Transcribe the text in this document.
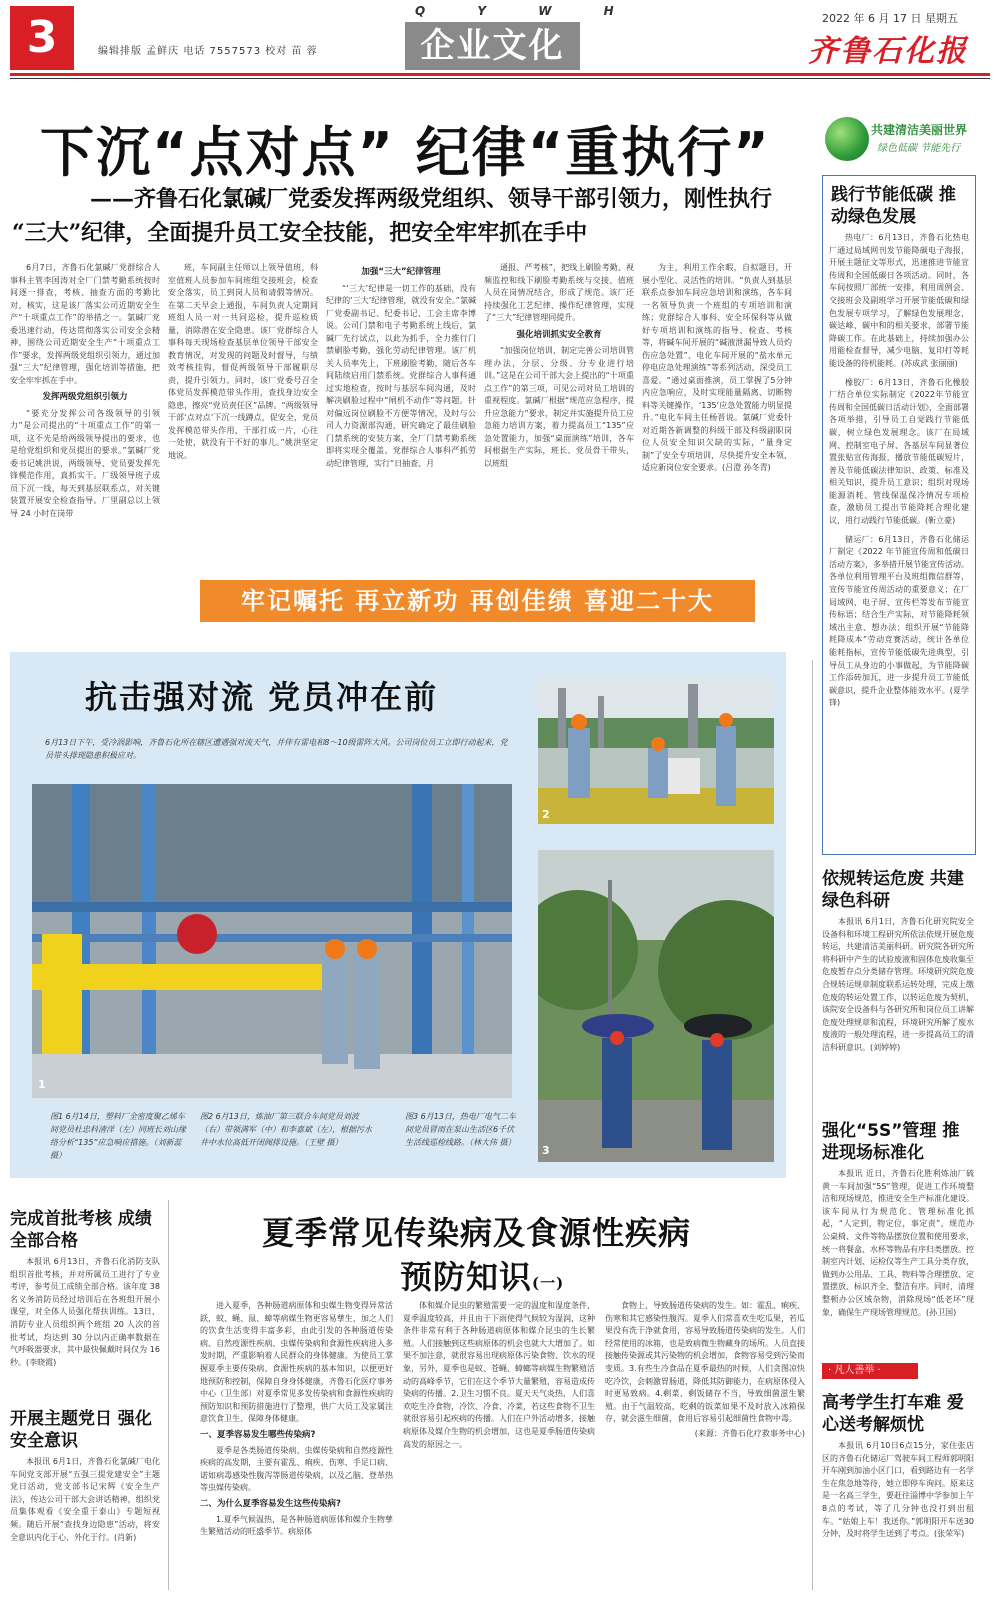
3	编辑排版 孟鲜庆 电话 7557573 校对 苗 蓉
Q Y W H
企业文化
2022 年 6 月 17 日 星期五
齐鲁石化报
下沉“点对点” 纪律“重执行”
——齐鲁石化氯碱厂党委发挥两级党组织、领导干部引领力，刚性执行
“三大”纪律，全面提升员工安全技能，把安全牢牢抓在手中

6月7日，齐鲁石化氯碱厂党群综合人事科主管李国涛对全厂门禁考勤系统按时间逐一排查，考核、抽查方面的考勤比对、核实，这是该厂落实公司近期安全生产“十项重点工作”的举措之一。氯碱厂党委迅速行动，传达贯彻落实公司安全会精神，围绕公司近期安全生产“十项重点工作”要求，发挥两级党组织引领力，通过加强“三大”纪律管理，强化培训等措施，把安全牢牢抓在手中。

发挥两级党组织引领力

“要充分发挥公司各级领导的引领力”是公司提出的“十项重点工作”的第一项，这不光是给两级领导提出的要求，也是给党组织和党员提出的要求。”氯碱厂党委书记姚洪说，两级领导、党员要发挥先锋模范作用，真抓实干。厂级领导班子成员下沉一线，每天到基层联系点，对关键装置开展安全检查指导。厂里副总以上领导 24 小时在岗带

班，车间副主任师以上领导值班，科室值班人员参加车间班组交接班会，检查安全落实，员工到岗人员和请假等情况。在第二天早会上通报，车间负责人定期间班组人员一对一共同巡检，提升巡检质量，消除潜在安全隐患。该厂党群综合人事科每天现场检查基层单位领导干部安全教育情况，对发现的问题及时督导，与绩效考核挂钩，督促两级领导干部履职尽责，提升引领力。同时，该厂党委号召全体党员发挥模范带头作用，查找身边安全隐患，擦亮“党员责任区”品牌。“两级领导干部‘点对点’下沉一线蹲点，促安全，党员发挥模范带头作用，干部打成一片，心往一处使，就没有干不好的事儿。”姚洪坚定地说。

加强“三大”纪律管理

“‘三大’纪律是一切工作的基础，没有纪律的‘三大’纪律管理，就没有安全。”氯碱厂党委副书记、纪委书记、工会主席李博说。公司门禁和电子考勤系统上线后，氯碱厂先行试点，以此为抓手，全力推行门禁刷脸考勤，强化劳动纪律管理。该厂机关人员率先上，下班刷脸考勤，随后各车间陆续启用门禁系统。党群综合人事科通过实地检查，按时与基层车间沟通，及时解决刷脸过程中“闸机不动作”等问题。针对偏远岗位刷脸不方便等情况，及时与公司人力资源部沟通，研究确定了最佳刷脸门禁系统的安装方案，全厂门禁考勤系统即将实现全覆盖。党群综合人事科严抓劳动纪律管理，实行“日抽查、月

通报、严考核”，把线上刷脸考勤、视频监控和线下刷脸考勤系统与交接、值班人员在岗情况结合，形成了规范。该厂还持续强化工艺纪律、操作纪律管理，实现了“三大”纪律管理同提升。

强化培训抓实安全教育

“加强岗位培训，制定完善公司培训管理办法，分层、分级、分专业进行培训。”这是在公司干部大会上提出的“十项重点工作”的第三项，可见公司对员工培训的重视程度。氯碱厂根据“规范应急程序，提升应急能力”要求，制定并实施提升员工应急能力培训方案，着力提高员工“135”应急处置能力，加强“桌面演练”培训，各车间根据生产实际，班长、党员骨干带头，以班组

为主，利用工作余暇，自拟题目，开展小型化、灵活性的培训。“负责人到基层联系点参加车间应急培训和演练，各车间一名领导负责一个班组的专项培训和演练；党群综合人事科、安全环保科等从做好专项培训和演练的指导、检查、考核等，将碱车间开展的“碱液泄漏导致人员灼伤应急处置”、电化车间开展的“盐水单元停电应急处理演练”等系列活动，深受员工喜爱。“通过桌面推演，员工掌握了5分钟内应急响应，及时实现能量隔离、切断物料等关键操作，‘135’应急处置能力明显提升。”电化车间主任杨晋说。氯碱厂党委针对近期各新调整的科级干部及科级副职岗位人员安全知识欠缺的实际，“量身定制”了安全专项培训，尽快提升安全本领，适应新岗位安全要求。(吕澄 孙冬青)

牢记嘱托 再立新功 再创佳绩 喜迎二十大
共建清洁美丽世界
绿色低碳 节能先行
践行节能低碳 推动绿色发展
热电厂：6月13日，齐鲁石化热电厂通过局域网刊发节能降碳电子海报，开展主题征文等形式，迅速推进节能宣传周和全国低碳日各项活动。同时，各车间按照厂部统一安排，利用周例会、交接班会及副班学习开展节能低碳和绿色发展专项学习，了解绿色发展理念，碳达峰、碳中和的相关要求，部署节能降碳工作。在此基础上，持续加强办公用能检查督导，减少电脑、复印打等耗能设备的待机能耗。(苏成武 张丽丽)
橡胶厂：6月13日，齐鲁石化橡胶厂结合单位实际制定《2022年节能宣传周和全国低碳日活动计划》，全面部署各项举措，引导员工自觉践行节能低碳，树立绿色发展理念。该厂在局域网、控制室电子屏、各基层车间显著位置张贴宣传海报，播放节能低碳短片，普及节能低碳法律知识、政策、标准及相关知识，提升员工意识；组织对现场能源消耗、管线保温保冷情况专项检查，激励员工提出节能降耗合理化建议，用行动践行节能低碳。(靳立豪)
储运厂：6月13日，齐鲁石化储运厂制定《2022 年节能宣传周和低碳日活动方案》，多举措开展节能宣传活动。各单位利用管理平台及班组微信群等，宣传节能宣传周活动的重要意义；在厂局域网、电子屏、宣传栏等发布节能宣传标语；结合生产实际，对节能降耗领域出主意、想办法；组织开展“节能降耗降成本”劳动竞赛活动，统计各单位能耗指标，宣传节能低碳先进典型，引导员工从身边的小事做起，为节能降碳工作添砖加瓦，进一步提升员工节能低碳意识，提升企业整体能效水平。(夏学锋)
依规转运危废 共建绿色科研
本报讯 6月1日，齐鲁石化研究院安全设备科和环境工程研究所依法依规开展危废转运，共建清洁美丽科研。研究院各研究所将科研中产生的试验废液和固体危废收集至危废暂存点分类储存管理。环境研究院危废合规转运规章制度联系运转处理，完成上缴危废的转运处置工作，以转运危废为契机，该院安全设备科与各研究所和岗位员工讲解危废处理规章和流程，环境研究所解了废水废液的一般处理流程，进一步提高员工的清洁科研意识。(刘婷婷)
强化“5S”管理 推进现场标准化
本报讯 近日，齐鲁石化胜利炼油厂硫黄一车间加强“5S”管理，促进工作环境整洁和现场规范，推进安全生产标准化建设。该车间从行为规范化、管理标准化抓起，“人定到，物定位，事定责”，规范办公桌椅、文件等物品摆放位置和使用要求，统一将餐盒、水杯等物品有序归类摆放。控制室内计划、运检仪等生产工具分类存放，做到办公用品、工具、物料等合理摆放、定置摆放、标识齐全、整洁有序。同时，清理整顿办公区域杂物，消除现场“低老坏”现象，确保生产现场管理规范。(孙卫国)
· 凡人善举 ·
高考学生打车难 爱心送考解烦忧
本报讯 6月10日6点15分，家住张店区的齐鲁石化储运厂驾驶车间工程师郭明阳开车刚到加油小区门口，看到路边有一名学生在焦急地等待，她立即停车询问。原来这是一名高三学生，要赶往淄博中学参加上午8点的考试，等了几分钟也没打到出租车。“姑娘上车！我送你。”郭明阳开车送30分钟，及时将学生送到了考点。(张荣军)
抗击强对流 党员冲在前
6月13日下午，受冷涡影响，齐鲁石化所在辖区遭遇强对流天气，并伴有雷电和8～10级雷阵大风。公司岗位员工立即行动起来，党员带头排现隐患积极应对。
1
2
3
图1 6月14日，塑料厂全密度聚乙烯车间党员杜忠科清洋（左）同班长刘山缘络分析“135”应急响应措施。（刘新蕊 摄）
图2 6月13日，炼油厂第三联合车间党员刘波（右）带领满军（中）和李嘉斌（左），根据污水井中水位高低开闭阀排设施。（王壁 摄）
图3 6月13日，热电厂电气二车间党员冒雨在泵山生活区6千伏生活线巡检线路。（林大伟 摄）
完成首批考核 成绩全部合格
本报讯 6月13日，齐鲁石化消防支队组织首批考核，并对所属员工进行了专业考评，参考员工成绩全部合格。该年度 38 名义务消防员经过培训后在各班组开展小课堂，对全体人员强化帮扶训练。13日，消防专业人员组织两个班组 20 人次的首批考试，均达到 30 分以内正确率数据在气呼吸器要求，其中最快佩戴时间仅为 16 秒。(李晓霞)
开展主题党日 强化安全意识
本报讯 6月1日，齐鲁石化氯碱厂电化车间党支部开展“五强三提党建安全”主题党日活动，党支部书记宋辉《安全生产法》，传达公司干部大会讲话精神，组织党员集体观看《安全重于泰山》专题短视频。随后开展“查找身边隐患”活动，将安全意识内化于心、外化于行。(肖新)
夏季常见传染病及食源性疾病
预防知识(一)

进入夏季，各种肠道病原体和虫媒生物变得异常活跃，蚊、蝇、鼠、蟑等病媒生物更容易孳生，加之人们的饮食生活变得丰富多彩，由此引发的各种肠道传染病、自然疫源性疾病、虫媒传染病和食源性疾病进入多发时期，严重影响着人民群众的身体健康。为使员工掌握夏季主要传染病、食源性疾病的基本知识，以便更好地预防和控制，保障自身身体健康，齐鲁石化医疗事务中心（卫生部）对夏季常见多发传染病和食源性疾病的预防知识和预防措施进行了整理，供广大员工及家属注意饮食卫生、保障身体健康。

一、夏季容易发生哪些传染病?

夏季是各类肠道传染病、虫媒传染病和自然疫源性疾病的高发期，主要有霍乱、痢疾、伤寒、手足口病、诺如病毒感染性腹泻等肠道传染病，以及乙脑、登革热等虫媒传染病。

二、为什么夏季容易发生这些传染病?

1.夏季气候温热，是各种肠道病原体和媒介生物孳生繁殖活动的旺盛季节。病原体

体和媒介昆虫的繁殖需要一定的温度和湿度条件，夏季温度较高，并且由于下雨使得气候较为湿润，这种条件非常有利于各种肠道病原体和媒介昆虫的生长繁殖。人们接触到这些病原体的机会也就大大增加了。如果不加注意，就很容易出现病原体污染食物、饮水的现象，另外，夏季也是蚊、苍蝇、蟑螂等病媒生物繁殖活动的高峰季节，它们在这个季节大量繁殖，容易造成传染病的传播。2.卫生习惯不良。夏天天气炎热，人们喜欢吃生冷食物，冷饮、冷食、冷菜，若这些食物不卫生就很容易引起疾病的传播。人们在户外活动增多，接触病原体及媒介生物的机会增加，这也是夏季肠道传染病高发的原因之一。

食物上，导致肠道传染病的发生。如：霍乱、痢疾、伤寒和其它感染性腹泻。夏季人们常喜欢生吃瓜果，若瓜果没有洗干净就食用，容易导致肠道传染病的发生。人们经常使用的冰箱，也是致病微生物藏身的场所。人员直接接触传染源或其污染物的机会增加，食物容易受到污染而变质。3.有些生冷食品在夏季最热的时候，人们贪图凉快吃冷饮，会刺激胃肠道，降低其防御能力，在病原体侵入时更易致病。4.剩菜、剩饭储存不当，导致细菌滋生繁殖。由于气温较高，吃剩的饭菜如果不及时放入冰箱保存，就会滋生细菌，食用后容易引起细菌性食物中毒。

(来源：齐鲁石化疗救事务中心)
